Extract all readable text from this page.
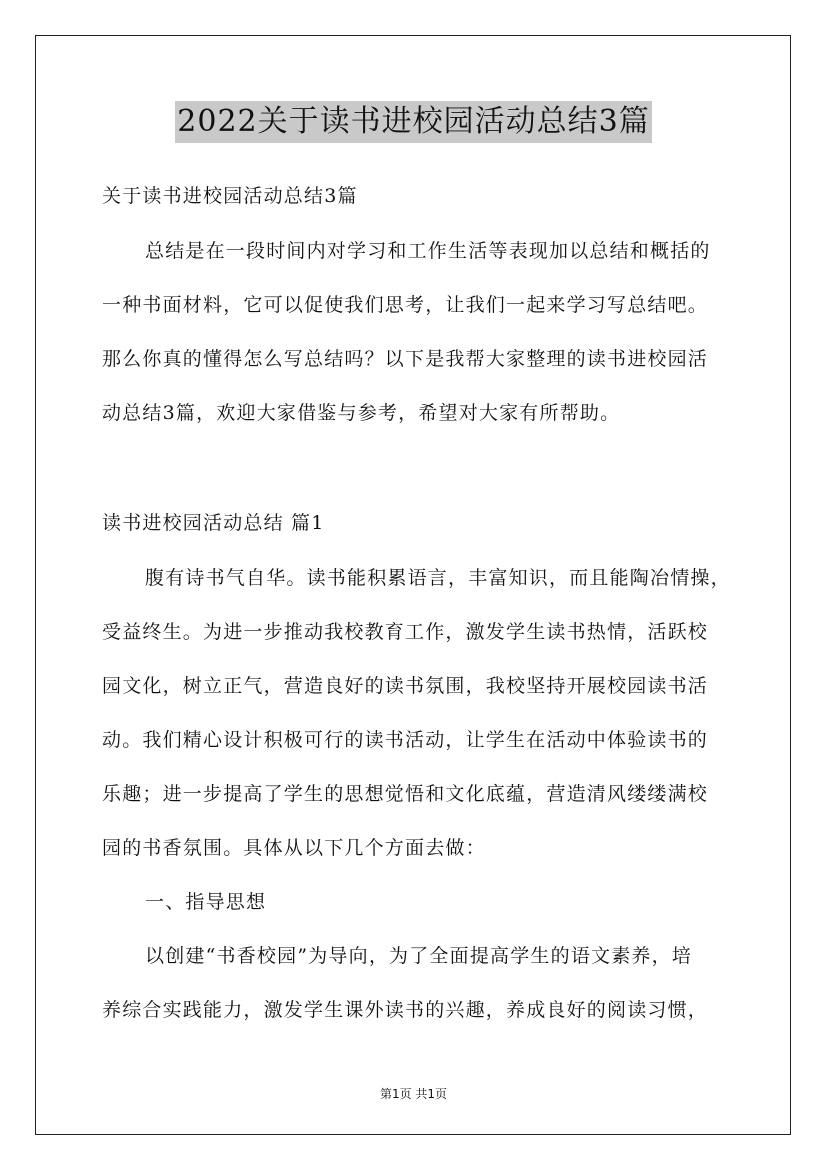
2022关于读书进校园活动总结3篇
关于读书进校园活动总结3篇
总结是在一段时间内对学习和工作生活等表现加以总结和概括的
一种书面材料，它可以促使我们思考，让我们一起来学习写总结吧。
那么你真的懂得怎么写总结吗？以下是我帮大家整理的读书进校园活
动总结3篇，欢迎大家借鉴与参考，希望对大家有所帮助。
读书进校园活动总结 篇1
腹有诗书气自华。读书能积累语言，丰富知识，而且能陶冶情操，
受益终生。为进一步推动我校教育工作，激发学生读书热情，活跃校
园文化，树立正气，营造良好的读书氛围，我校坚持开展校园读书活
动。我们精心设计积极可行的读书活动，让学生在活动中体验读书的
乐趣；进一步提高了学生的思想觉悟和文化底蕴，营造清风缕缕满校
园的书香氛围。具体从以下几个方面去做：
一、指导思想
以创建“书香校园”为导向，为了全面提高学生的语文素养，培
养综合实践能力，激发学生课外读书的兴趣，养成良好的阅读习惯，
第1页 共1页
